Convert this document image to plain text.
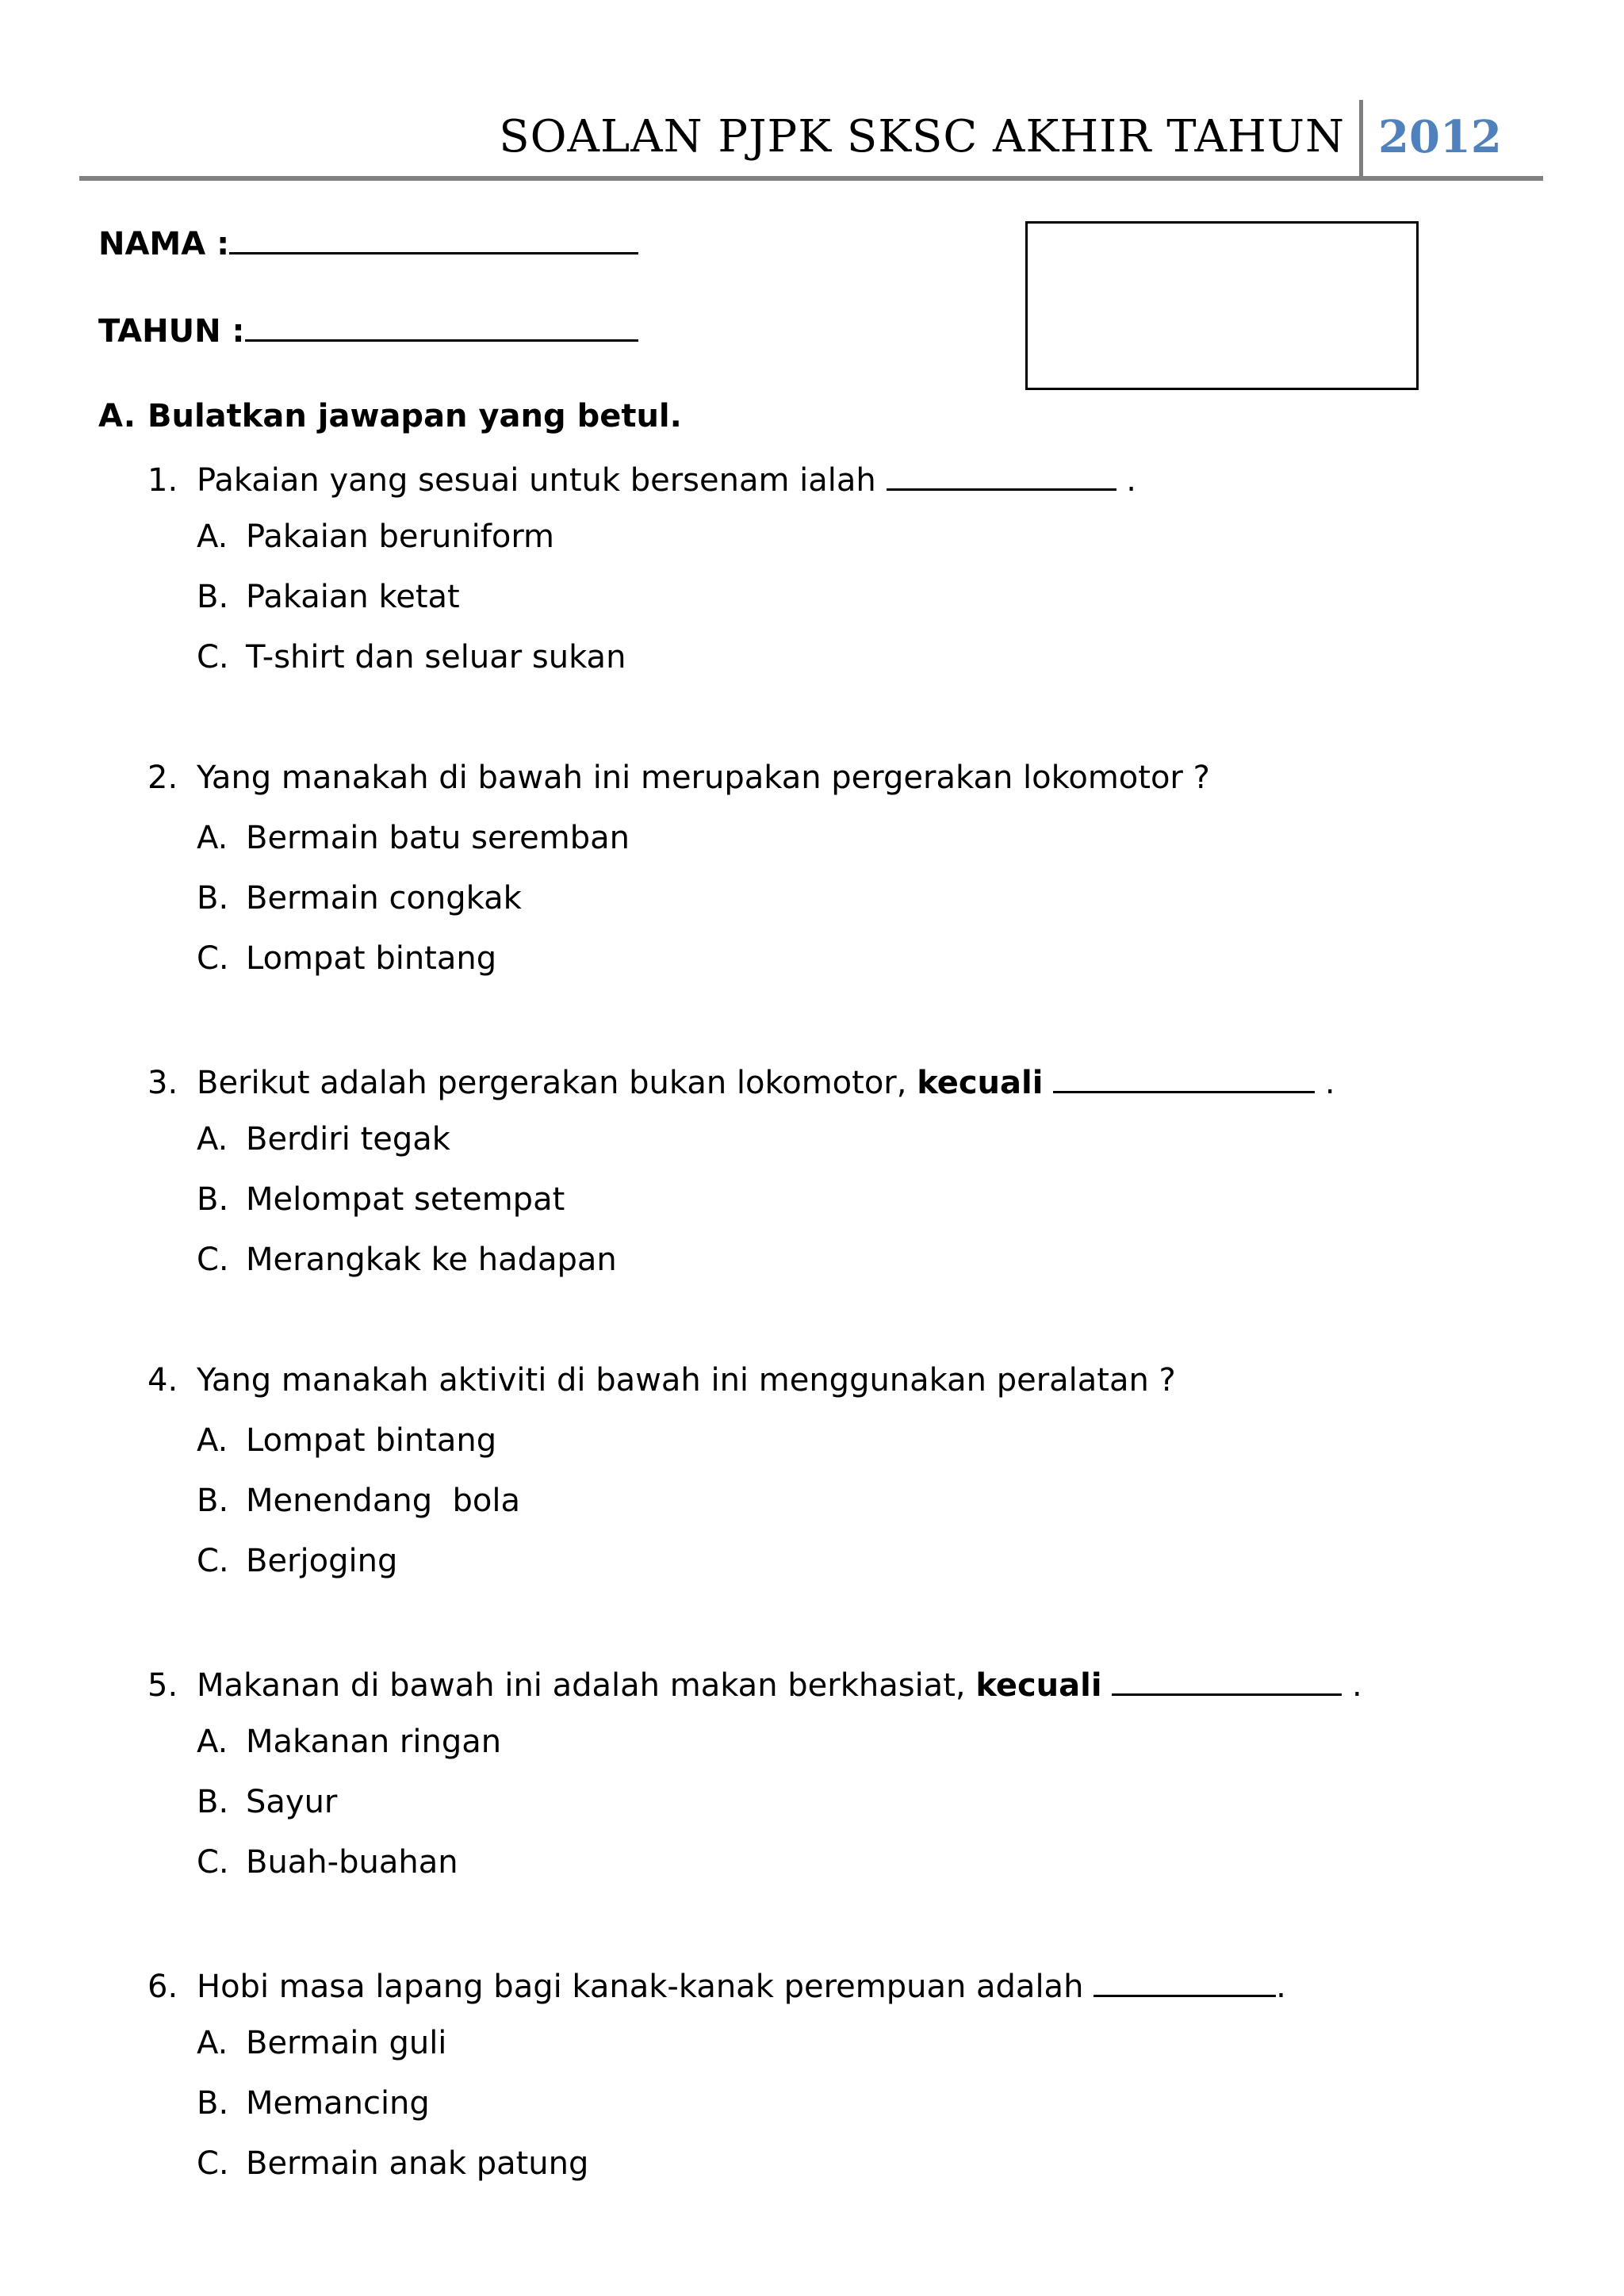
SOALAN PJPK SKSC AKHIR TAHUN 2012
NAMA :
TAHUN :
A. Bulatkan jawapan yang betul.
1. Pakaian yang sesuai untuk bersenam ialah	.
A. Pakaian beruniform
B. Pakaian ketat
C. T-shirt dan seluar sukan
2. Yang manakah di bawah ini merupakan pergerakan lokomotor ?
A. Bermain batu seremban
B. Bermain congkak
C. Lompat bintang
3. Berikut adalah pergerakan bukan lokomotor, kecuali	.
A. Berdiri tegak
B. Melompat setempat
C. Merangkak ke hadapan
4. Yang manakah aktiviti di bawah ini menggunakan peralatan ?
A. Lompat bintang
B. Menendang  bola
C. Berjoging
5. Makanan di bawah ini adalah makan berkhasiat, kecuali	.
A. Makanan ringan
B. Sayur
C. Buah-buahan
6. Hobi masa lapang bagi kanak-kanak perempuan adalah	.
A. Bermain guli
B. Memancing
C. Bermain anak patung
